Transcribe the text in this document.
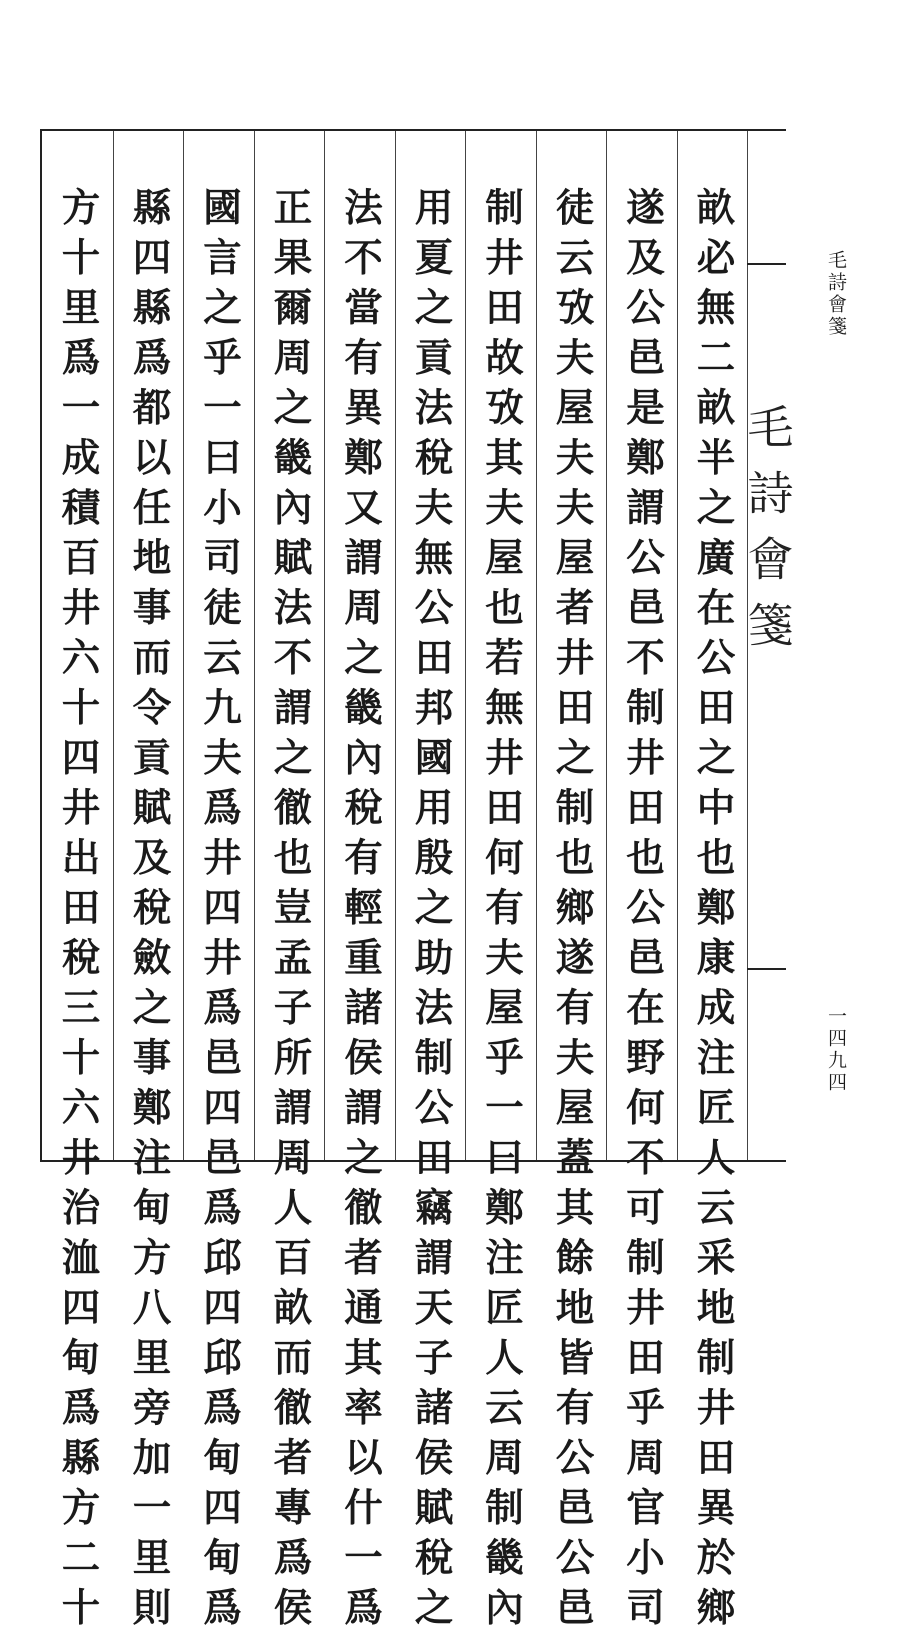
畝必無二畝半之廣在公田之中也鄭康成注匠人云采地制井田異於鄉
遂及公邑是鄭謂公邑不制井田也公邑在野何不可制井田乎周官小司
徒云攷夫屋夫夫屋者井田之制也鄉遂有夫屋蓋其餘地皆有公邑公邑
制井田故攷其夫屋也若無井田何有夫屋乎一曰鄭注匠人云周制畿內
用夏之貢法稅夫無公田邦國用殷之助法制公田竊謂天子諸侯賦稅之
法不當有異鄭又謂周之畿內稅有輕重諸侯謂之徹者通其率以什一爲
正果爾周之畿內賦法不謂之徹也豈孟子所謂周人百畝而徹者專爲侯
國言之乎一曰小司徒云九夫爲井四井爲邑四邑爲邱四邱爲甸四甸爲
縣四縣爲都以任地事而令貢賦及稅斂之事鄭注甸方八里旁加一里則
方十里爲一成積百井六十四井出田稅三十六井治洫四甸爲縣方二十	毛詩會箋
毛詩會箋
一四九四
